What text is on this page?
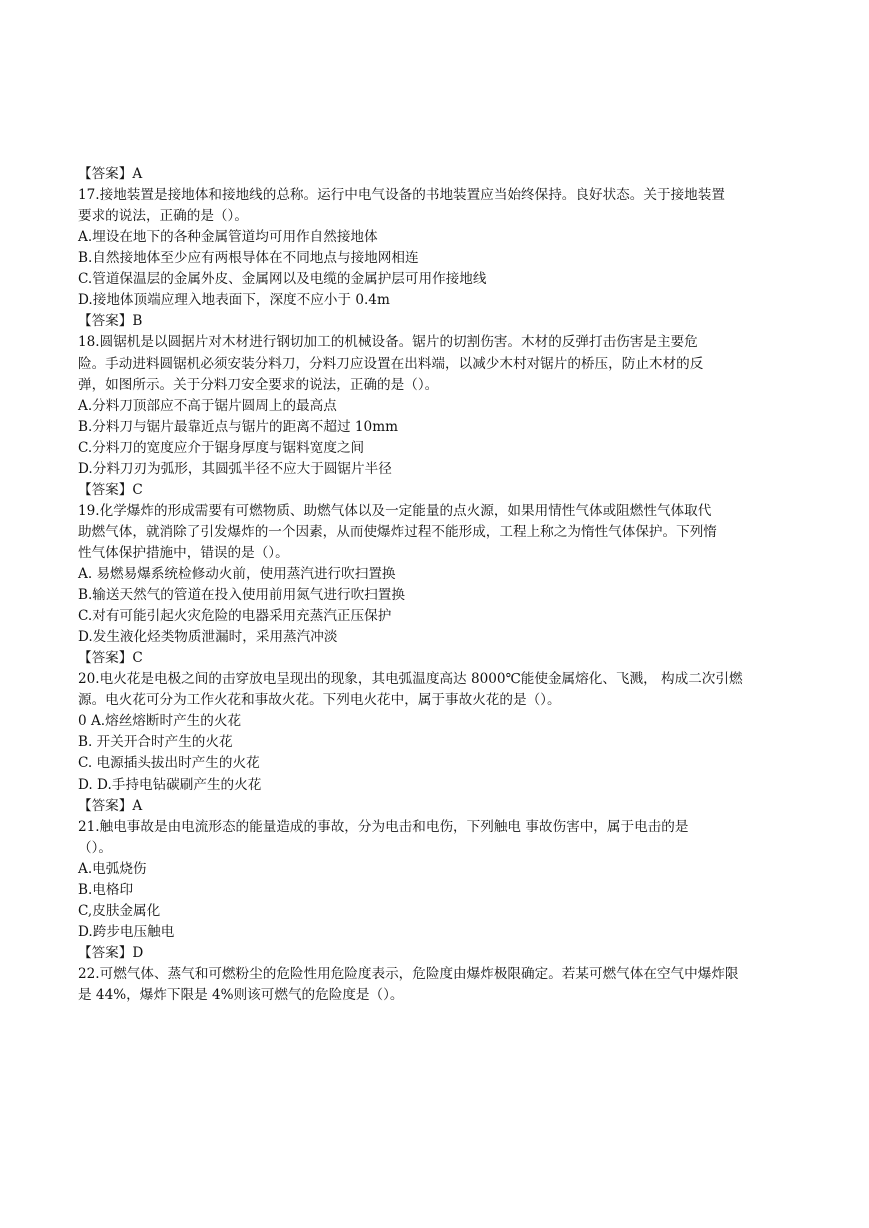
【答案】A
17.接地装置是接地体和接地线的总称。运行中电气设备的书地装置应当始终保持。良好状态。关于接地装置
要求的说法，正确的是（）。
A.埋设在地下的各种金属管道均可用作自然接地体
B.自然接地体至少应有两根导体在不同地点与接地网相连
C.管道保温层的金属外皮、金属网以及电缆的金属护层可用作接地线
D.接地体顶端应理入地表面下，深度不应小于 0.4m
【答案】B
18.圆锯机是以圆据片对木材进行钢切加工的机械设备。锯片的切割伤害。木材的反弹打击伤害是主要危
险。手动进料圆锯机必须安装分料刀，分料刀应设置在出料端，以减少木村对锯片的桥压，防止木材的反
弹，如图所示。关于分料刀安全要求的说法，正确的是（）。
A.分料刀顶部应不高于锯片圆周上的最高点
B.分料刀与锯片最靠近点与锯片的距离不超过 10mm
C.分料刀的宽度应介于锯身厚度与锯料宽度之间
D.分料刀刃为弧形，其圆弧半径不应大于圆锯片半径
【答案】C
19.化学爆炸的形成需要有可燃物质、助燃气体以及一定能量的点火源，如果用情性气体或阻燃性气体取代
助燃气体，就消除了引发爆炸的一个因素，从而使爆炸过程不能形成，工程上称之为惰性气体保护。下列惰
性气体保护措施中，错误的是（）。
A. 易燃易爆系统检修动火前，使用蒸汽进行吹扫置换
B.输送天然气的管道在投入使用前用氮气进行吹扫置换
C.对有可能引起火灾危险的电器采用充蒸汽正压保护
D.发生液化烃类物质泄漏时，采用蒸汽冲淡
【答案】C
20.电火花是电极之间的击穿放电呈现出的现象，其电弧温度高达 8000℃能使金属熔化、飞溅， 构成二次引燃
源。电火花可分为工作火花和事故火花。下列电火花中，属于事故火花的是（）。
0 A.熔丝熔断时产生的火花
B. 开关开合时产生的火花
C. 电源插头拔出时产生的火花
D. D.手持电钻碳刷产生的火花
【答案】A
21.触电事故是由电流形态的能量造成的事故，分为电击和电伤，下列触电 事故伤害中，属于电击的是
（）。
A.电弧烧伤
B.电格印
C,皮肤金属化
D.跨步电压触电
【答案】D
22.可燃气体、蒸气和可燃粉尘的危险性用危险度表示，危险度由爆炸极限确定。若某可燃气体在空气中爆炸限
是 44%，爆炸下限是 4%则该可燃气的危险度是（）。
